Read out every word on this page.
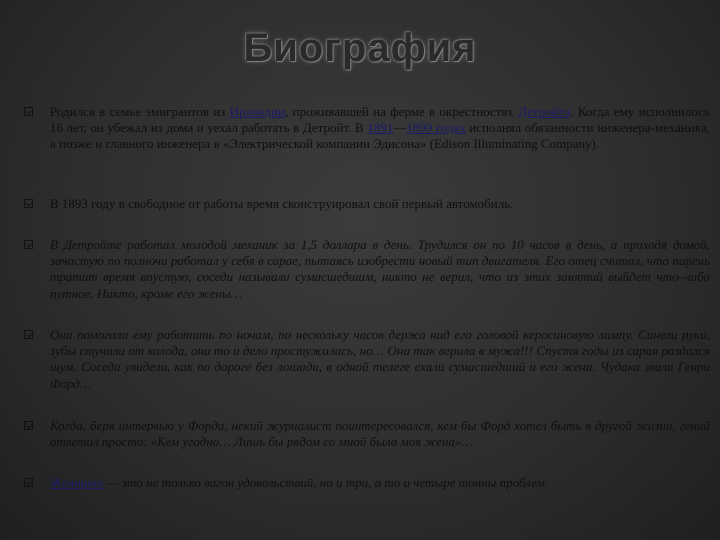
Биография
Родился в семье эмигрантов из Ирландии, проживавшей на ферме в окрестностях Детройта. Когда ему исполнилось 16 лет, он убежал из дома и уехал работать в Детройт. В 1891—1899 годах исполнял обязанности инженера-механика, а позже и главного инженера в «Электрической компании Эдисона» (Edison Illuminating Company).
В 1893 году в свободное от работы время сконструировал свой первый автомобиль.
В Детройте работал молодой механик за 1,5 доллара в день. Трудился он по 10 часов в день, а приходя домой, зачастую по полночи работал у себя в сарае, пытаясь изобрести новый тип двигателя. Его отец считал, что парень тратит время впустую, соседи называли сумасшедшим, никто не верил, что из этих занятий выйдет что–либо путное. Никто, кроме его жены…
Она помогала ему работать по ночам, по нескольку часов держа над его головой керосиновую лампу. Синели руки, зубы стучали от холода, она то и дело простужалась, но… Она так верила в мужа!!! Спустя годы из сарая раздался шум. Соседи увидели, как по дороге без лошади, в одной телеге ехали сумасшедший и его жена. Чудака звали Генри Форд…
Когда, беря интервью у Форда, некий журналист поинтересовался, кем бы Форд хотел быть в другой жизни, гений ответил просто: «Кем угодно… Лишь бы рядом со мной была моя жена»…
Женщина — это не только вагон удовольствий, но и три, а то и четыре тонны проблем.
